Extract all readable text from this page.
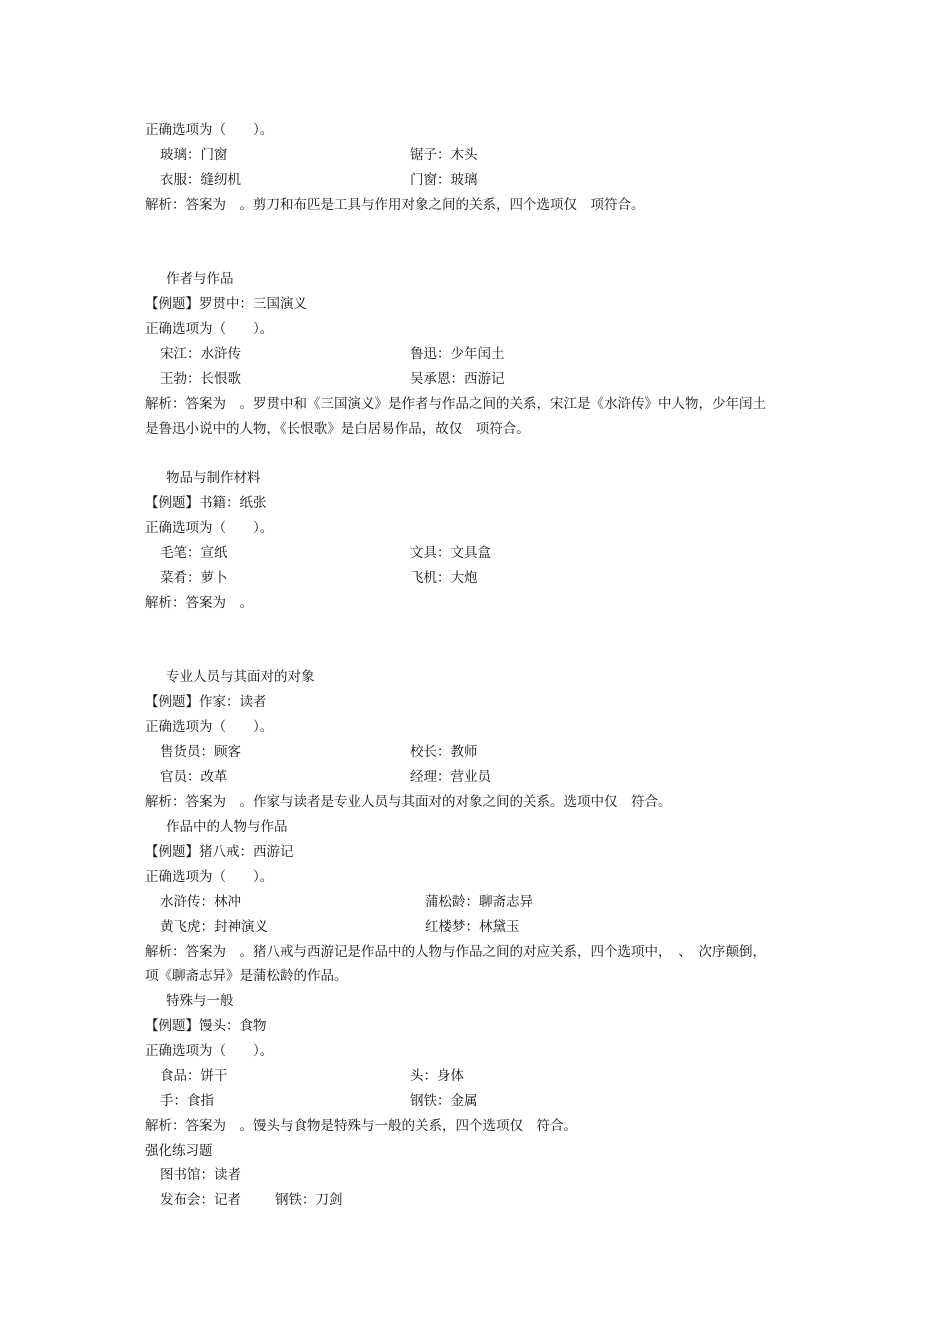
正确选项为（　　）。
玻璃：门窗	锯子：木头
衣服：缝纫机	门窗：玻璃
解析：答案为　。剪刀和布匹是工具与作用对象之间的关系，四个选项仅　项符合。
作者与作品
【例题】罗贯中：三国演义
正确选项为（　　）。
宋江：水浒传	鲁迅：少年闰土
王勃：长恨歌	吴承恩：西游记
解析：答案为　。罗贯中和《三国演义》是作者与作品之间的关系，宋江是《水浒传》中人物，少年闰土
是鲁迅小说中的人物，《长恨歌》是白居易作品，故仅　项符合。
物品与制作材料
【例题】书籍：纸张
正确选项为（　　）。
毛笔：宣纸	文具：文具盒
菜肴：萝卜	飞机：大炮
解析：答案为　。
专业人员与其面对的对象
【例题】作家：读者
正确选项为（　　）。
售货员：顾客	校长：教师
官员：改革	经理：营业员
解析：答案为　。作家与读者是专业人员与其面对的对象之间的关系。选项中仅　符合。
作品中的人物与作品
【例题】猪八戒：西游记
正确选项为（　　）。
水浒传：林冲	蒲松龄：聊斋志异
黄飞虎：封神演义	红楼梦：林黛玉
解析：答案为　。猪八戒与西游记是作品中的人物与作品之间的对应关系，四个选项中，　、　次序颠倒，
项《聊斋志异》是蒲松龄的作品。
特殊与一般
【例题】馒头：食物
正确选项为（　　）。
食品：饼干	头：身体
手：食指	钢铁：金属
解析：答案为　。馒头与食物是特殊与一般的关系，四个选项仅　符合。
强化练习题
图书馆：读者
发布会：记者	钢铁：刀剑
